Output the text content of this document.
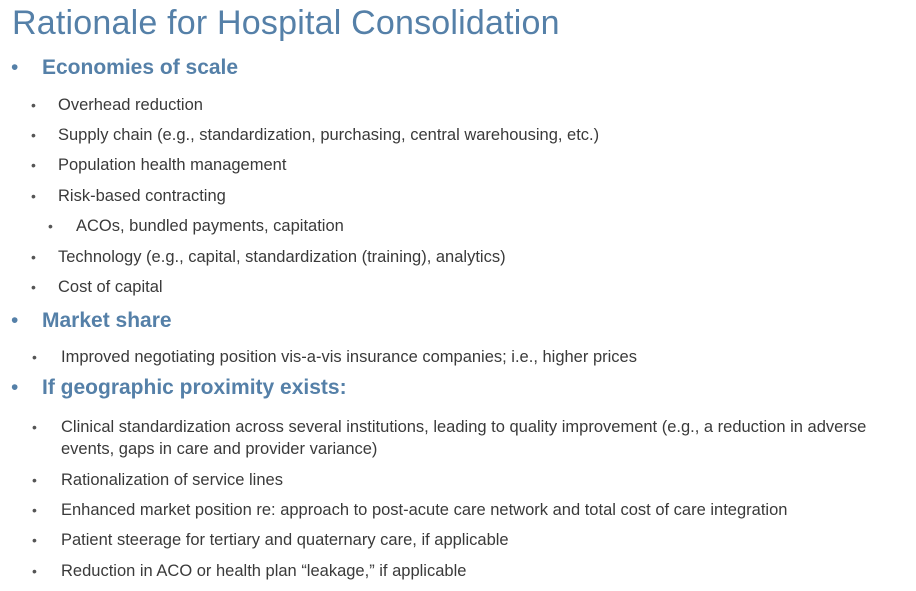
Rationale for Hospital Consolidation
• Economies of scale
• Overhead reduction
• Supply chain (e.g., standardization, purchasing, central warehousing, etc.)
• Population health management
• Risk-based contracting
• ACOs, bundled payments, capitation
• Technology (e.g., capital, standardization (training), analytics)
• Cost of capital
• Market share
• Improved negotiating position vis-a-vis insurance companies; i.e., higher prices
• If geographic proximity exists:
• Clinical standardization across several institutions, leading to quality improvement (e.g., a reduction in adverse events, gaps in care and provider variance)
• Rationalization of service lines
• Enhanced market position re: approach to post-acute care network and total cost of care integration
• Patient steerage for tertiary and quaternary care, if applicable
• Reduction in ACO or health plan “leakage,” if applicable
